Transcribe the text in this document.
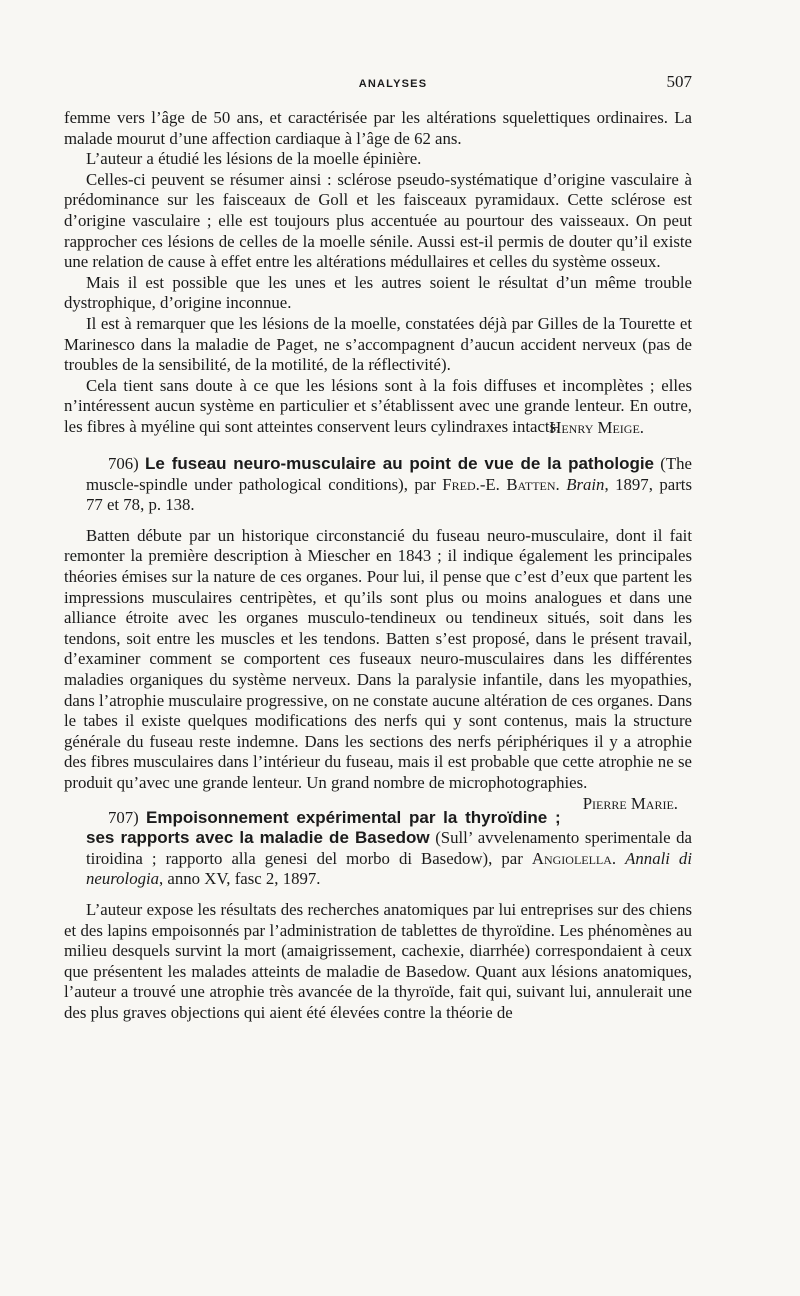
ANALYSES	507

femme vers l’âge de 50 ans, et caractérisée par les altérations squelettiques ordinaires. La malade mourut d’une affection cardiaque à l’âge de 62 ans.

L’auteur a étudié les lésions de la moelle épinière.

Celles-ci peuvent se résumer ainsi : sclérose pseudo-systématique d’origine vasculaire à prédominance sur les faisceaux de Goll et les faisceaux pyramidaux. Cette sclérose est d’origine vasculaire ; elle est toujours plus accentuée au pourtour des vaisseaux. On peut rapprocher ces lésions de celles de la moelle sénile. Aussi est-il permis de douter qu’il existe une relation de cause à effet entre les altérations médullaires et celles du système osseux.

Mais il est possible que les unes et les autres soient le résultat d’un même trouble dystrophique, d’origine inconnue.

Il est à remarquer que les lésions de la moelle, constatées déjà par Gilles de la Tourette et Marinesco dans la maladie de Paget, ne s’accompagnent d’aucun accident nerveux (pas de troubles de la sensibilité, de la motilité, de la réflectivité).

Cela tient sans doute à ce que les lésions sont à la fois diffuses et incomplètes ; elles n’intéressent aucun système en particulier et s’établissent avec une grande lenteur. En outre, les fibres à myéline qui sont atteintes conservent leurs cylindraxes intacts.

Henry Meige.

706) Le fuseau neuro-musculaire au point de vue de la pathologie (The muscle-spindle under pathological conditions), par Fred.-E. Batten. Brain, 1897, parts 77 et 78, p. 138.

Batten débute par un historique circonstancié du fuseau neuro-musculaire, dont il fait remonter la première description à Miescher en 1843 ; il indique également les principales théories émises sur la nature de ces organes. Pour lui, il pense que c’est d’eux que partent les impressions musculaires centripètes, et qu’ils sont plus ou moins analogues et dans une alliance étroite avec les organes musculo-tendineux ou tendineux situés, soit dans les tendons, soit entre les muscles et les tendons. Batten s’est proposé, dans le présent travail, d’examiner comment se comportent ces fuseaux neuro-musculaires dans les différentes maladies organiques du système nerveux. Dans la paralysie infantile, dans les myopathies, dans l’atrophie musculaire progressive, on ne constate aucune altération de ces organes. Dans le tabes il existe quelques modifications des nerfs qui y sont contenus, mais la structure générale du fuseau reste indemne. Dans les sections des nerfs périphériques il y a atrophie des fibres musculaires dans l’intérieur du fuseau, mais il est probable que cette atrophie ne se produit qu’avec une grande lenteur. Un grand nombre de microphotographies.
Pierre Marie.

707) Empoisonnement expérimental par la thyroïdine ; ses rapports avec la maladie de Basedow (Sull’ avvelenamento sperimentale da tiroidina ; rapporto alla genesi del morbo di Basedow), par Angiolella. Annali di neurologia, anno XV, fasc 2, 1897.

L’auteur expose les résultats des recherches anatomiques par lui entreprises sur des chiens et des lapins empoisonnés par l’administration de tablettes de thyroïdine. Les phénomènes au milieu desquels survint la mort (amaigrissement, cachexie, diarrhée) correspondaient à ceux que présentent les malades atteints de maladie de Basedow. Quant aux lésions anatomiques, l’auteur a trouvé une atrophie très avancée de la thyroïde, fait qui, suivant lui, annulerait une des plus graves objections qui aient été élevées contre la théorie de
